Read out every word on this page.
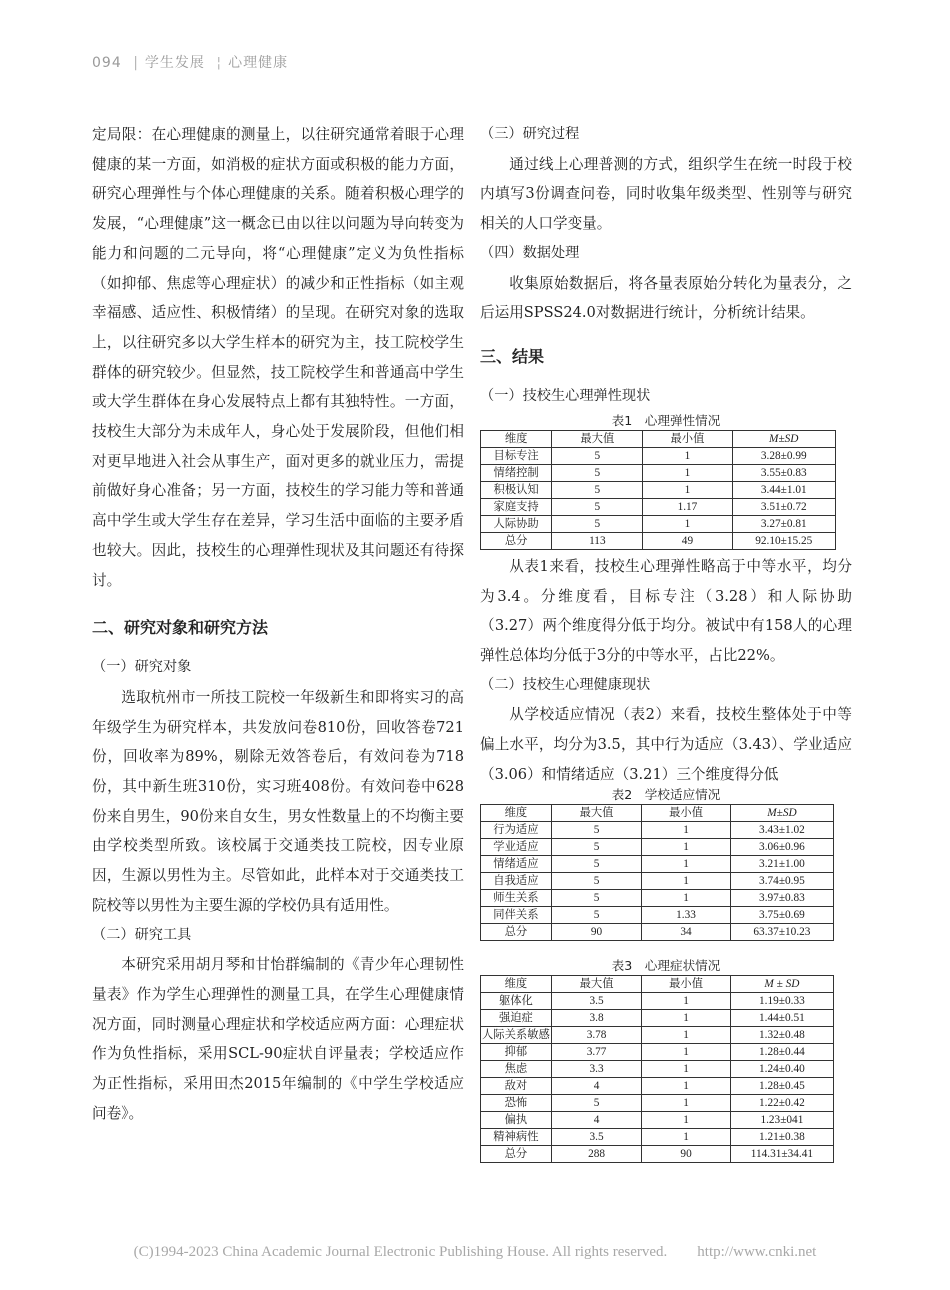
094 | 学生发展 ¦ 心理健康

定局限：在心理健康的测量上，以往研究通常着眼于心理健康的某一方面，如消极的症状方面或积极的能力方面，研究心理弹性与个体心理健康的关系。随着积极心理学的发展，“心理健康”这一概念已由以往以问题为导向转变为能力和问题的二元导向，将“心理健康”定义为负性指标（如抑郁、焦虑等心理症状）的减少和正性指标（如主观幸福感、适应性、积极情绪）的呈现。在研究对象的选取上，以往研究多以大学生样本的研究为主，技工院校学生群体的研究较少。但显然，技工院校学生和普通高中学生或大学生群体在身心发展特点上都有其独特性。一方面，技校生大部分为未成年人，身心处于发展阶段，但他们相对更早地进入社会从事生产，面对更多的就业压力，需提前做好身心准备；另一方面，技校生的学习能力等和普通高中学生或大学生存在差异，学习生活中面临的主要矛盾也较大。因此，技校生的心理弹性现状及其问题还有待探讨。

二、研究对象和研究方法

（一）研究对象

选取杭州市一所技工院校一年级新生和即将实习的高年级学生为研究样本，共发放问卷810份，回收答卷721份，回收率为89%，剔除无效答卷后，有效问卷为718份，其中新生班310份，实习班408份。有效问卷中628份来自男生，90份来自女生，男女性数量上的不均衡主要由学校类型所致。该校属于交通类技工院校，因专业原因，生源以男性为主。尽管如此，此样本对于交通类技工院校等以男性为主要生源的学校仍具有适用性。

（二）研究工具

本研究采用胡月琴和甘怡群编制的《青少年心理韧性量表》作为学生心理弹性的测量工具，在学生心理健康情况方面，同时测量心理症状和学校适应两方面：心理症状作为负性指标，采用SCL-90症状自评量表；学校适应作为正性指标，采用田杰2015年编制的《中学生学校适应问卷》。

（三）研究过程

通过线上心理普测的方式，组织学生在统一时段于校内填写3份调查问卷，同时收集年级类型、性别等与研究相关的人口学变量。

（四）数据处理

收集原始数据后，将各量表原始分转化为量表分，之后运用SPSS24.0对数据进行统计，分析统计结果。

三、结果

（一）技校生心理弹性现状

表1　心理弹性情况

维度	最大值	最小值	M±SD
目标专注	5	1	3.28±0.99
情绪控制	5	1	3.55±0.83
积极认知	5	1	3.44±1.01
家庭支持	5	1.17	3.51±0.72
人际协助	5	1	3.27±0.81
总分	113	49	92.10±15.25

从表1来看，技校生心理弹性略高于中等水平，均分为3.4。分维度看，目标专注（3.28）和人际协助（3.27）两个维度得分低于均分。被试中有158人的心理弹性总体均分低于3分的中等水平，占比22%。

（二）技校生心理健康现状

从学校适应情况（表2）来看，技校生整体处于中等偏上水平，均分为3.5，其中行为适应（3.43）、学业适应（3.06）和情绪适应（3.21）三个维度得分低

表2　学校适应情况

维度	最大值	最小值	M±SD
行为适应	5	1	3.43±1.02
学业适应	5	1	3.06±0.96
情绪适应	5	1	3.21±1.00
自我适应	5	1	3.74±0.95
师生关系	5	1	3.97±0.83
同伴关系	5	1.33	3.75±0.69
总分	90	34	63.37±10.23

表3　心理症状情况

维度	最大值	最小值	M ± SD
躯体化	3.5	1	1.19±0.33
强迫症	3.8	1	1.44±0.51
人际关系敏感	3.78	1	1.32±0.48
抑郁	3.77	1	1.28±0.44
焦虑	3.3	1	1.24±0.40
敌对	4	1	1.28±0.45
恐怖	5	1	1.22±0.42
偏执	4	1	1.23±041
精神病性	3.5	1	1.21±0.38
总分	288	90	114.31±34.41
(C)1994-2023 China Academic Journal Electronic Publishing House. All rights reserved.　　http://www.cnki.net
